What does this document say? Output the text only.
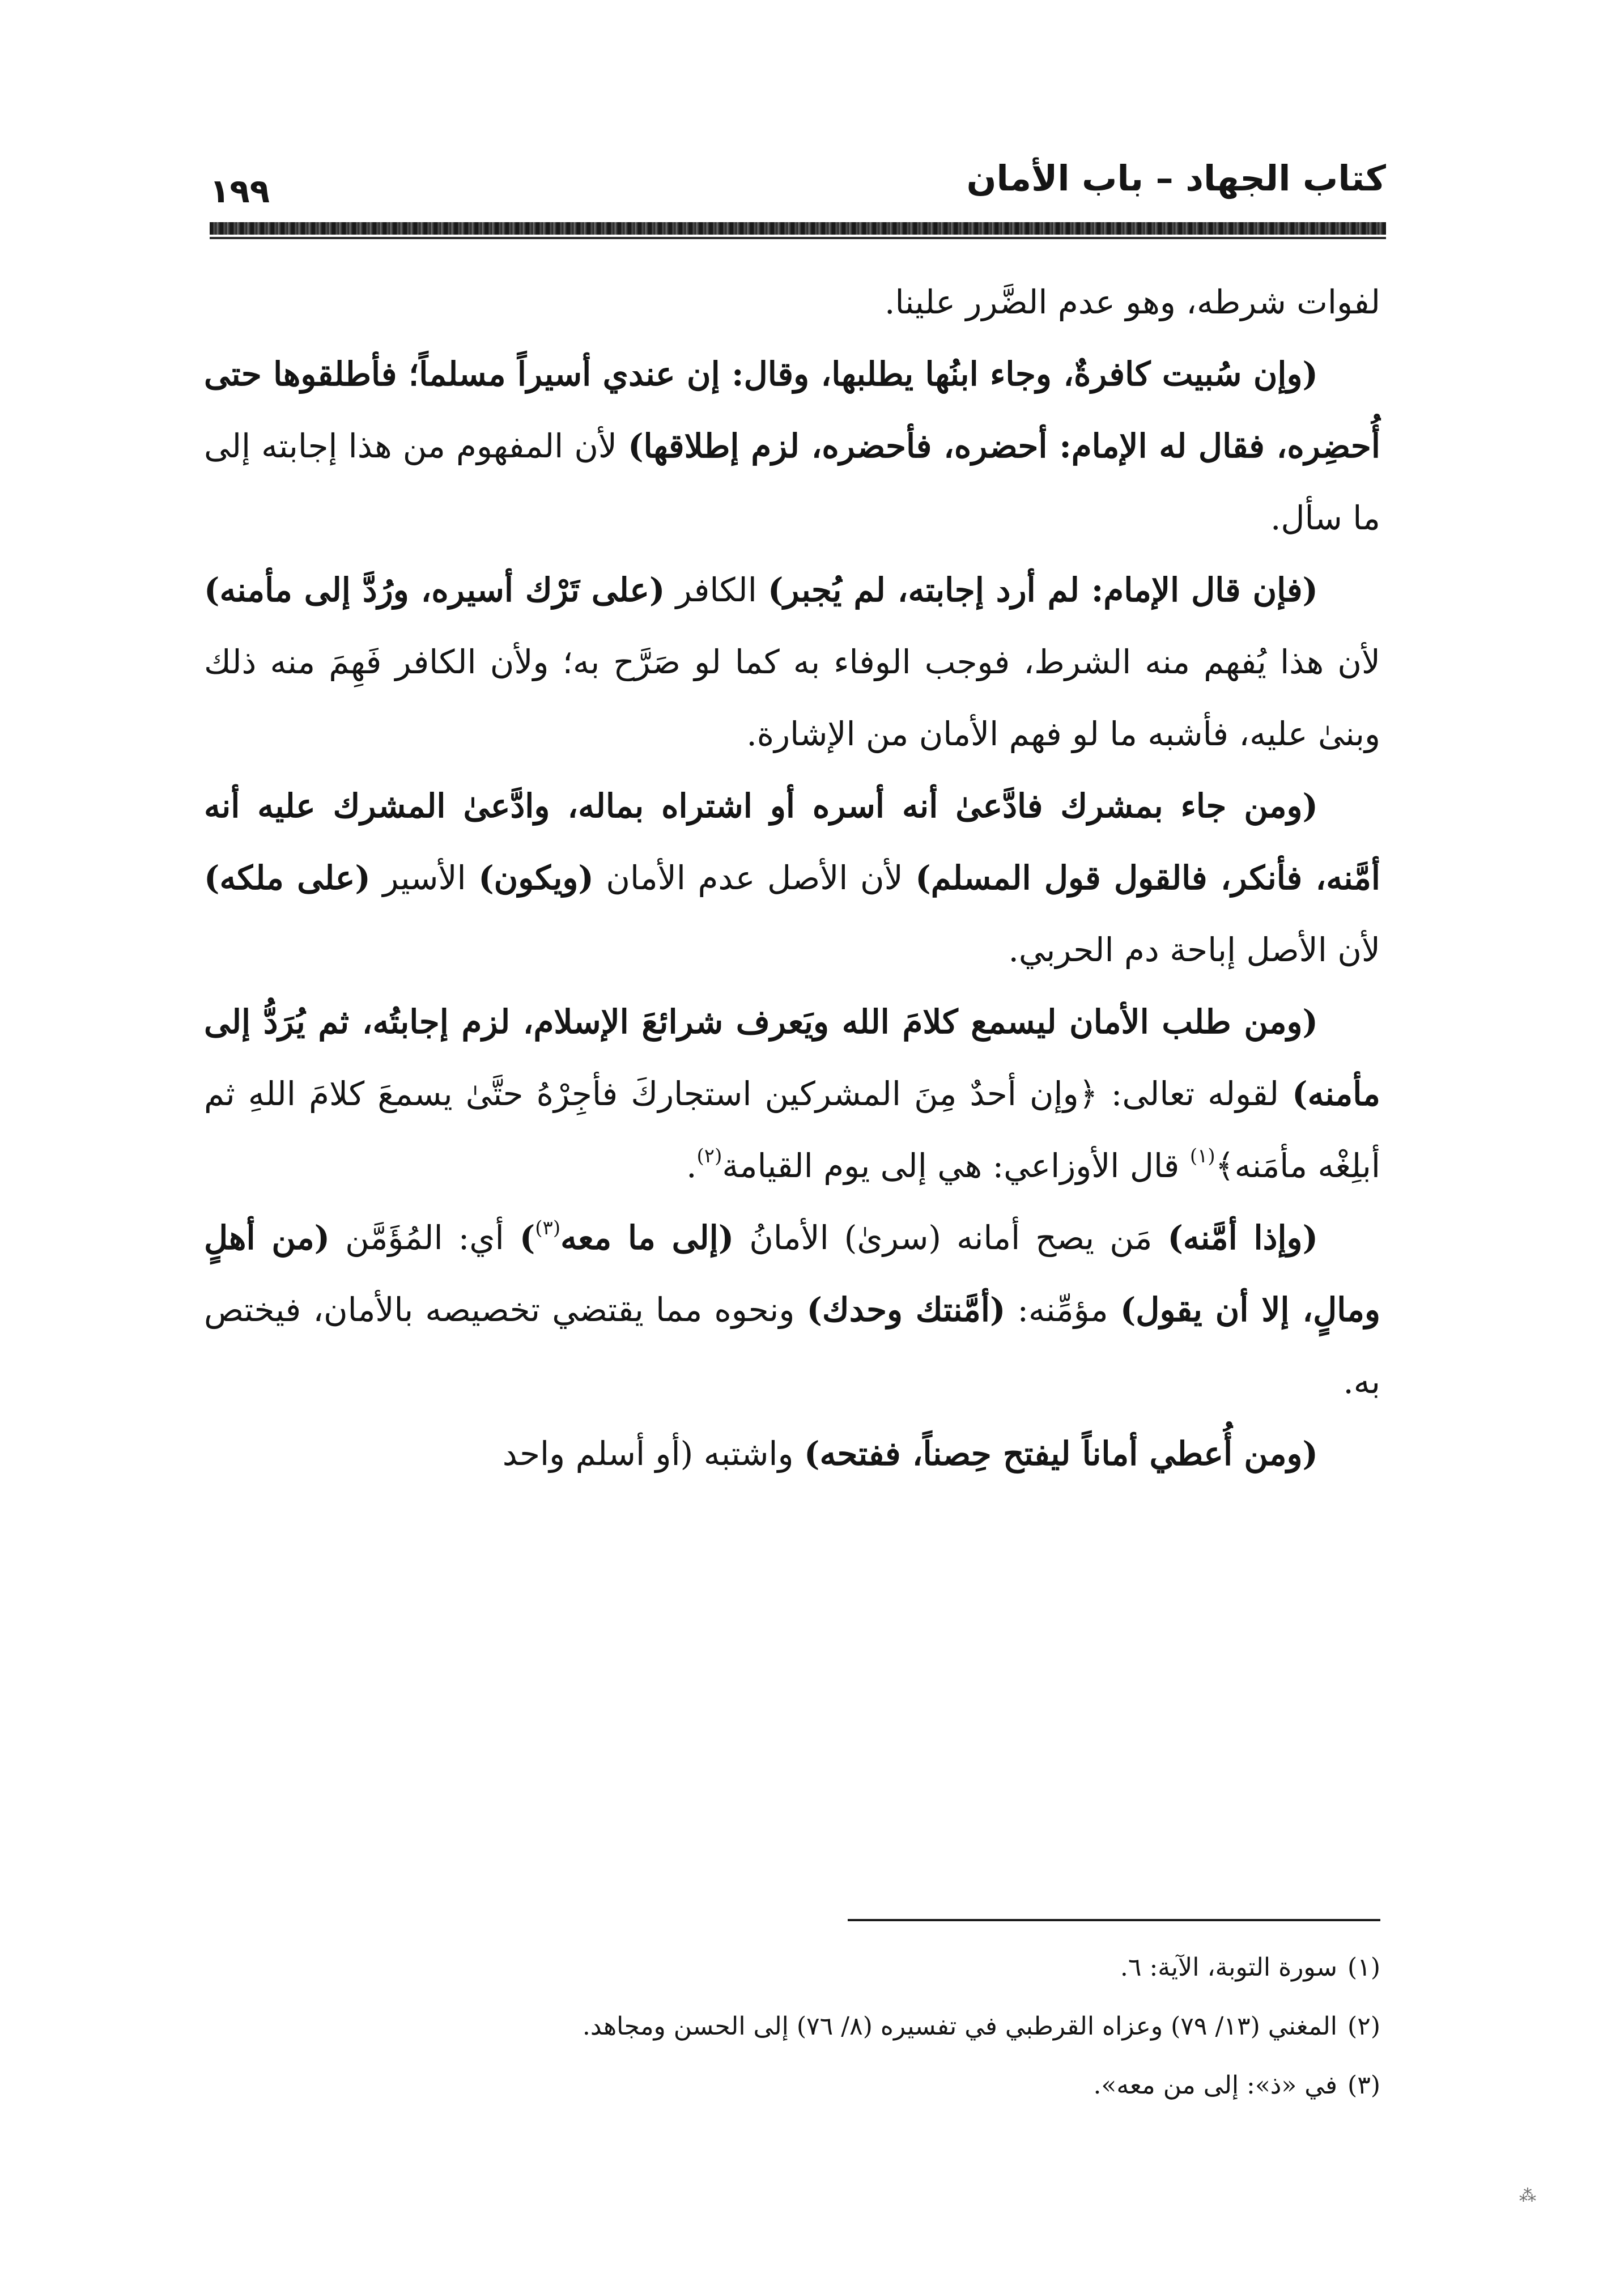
كتاب الجهاد – باب الأمان
١٩٩

لفوات شرطه، وهو عدم الضَّرر علينا.

(وإن سُبيت كافرةٌ، وجاء ابنُها يطلبها، وقال: إن عندي أسيراً مسلماً؛ فأطلقوها حتى أُحضِره، فقال له الإمام: أحضره، فأحضره، لزم إطلاقها) لأن المفهوم من هذا إجابته إلى ما سأل.

(فإن قال الإمام: لم أرد إجابته، لم يُجبر) الكافر (على تَرْك أسيره، ورُدَّ إلى مأمنه) لأن هذا يُفهم منه الشرط، فوجب الوفاء به كما لو صَرَّح به؛ ولأن الكافر فَهِمَ منه ذلك وبنىٰ عليه، فأشبه ما لو فهم الأمان من الإشارة.

(ومن جاء بمشرك فادَّعىٰ أنه أسره أو اشتراه بماله، وادَّعىٰ المشرك عليه أنه أمَّنه، فأنكر، فالقول قول المسلم) لأن الأصل عدم الأمان (ويكون) الأسير (على ملكه) لأن الأصل إباحة دم الحربي.

(ومن طلب الأمان ليسمع كلامَ الله ويَعرف شرائعَ الإسلام، لزم إجابتُه، ثم يُرَدُّ إلى مأمنه) لقوله تعالى: ﴿وإن أحدٌ مِنَ المشركين استجاركَ فأجِرْهُ حتَّىٰ يسمعَ كلامَ اللهِ ثم أبلِغْه مأمَنه﴾$^{(١)}$ قال الأوزاعي: هي إلى يوم القيامة$^{(٢)}$.

(وإذا أمَّنه) مَن يصح أمانه (سرىٰ) الأمانُ (إلى ما معه$^{(٣)}$) أي: المُؤَمَّن (من أهلٍ ومالٍ، إلا أن يقول) مؤمِّنه: (أمَّنتك وحدك) ونحوه مما يقتضي تخصيصه بالأمان، فيختص به.

(ومن أُعطي أماناً ليفتح حِصناً، ففتحه) واشتبه (أو أسلم واحد

(١)سورة التوبة، الآية: ٦.

(٢)المغني (١٣/ ٧٩) وعزاه القرطبي في تفسيره (٨/ ٧٦) إلى الحسن ومجاهد.

(٣)في «ذ»: إلى من معه».

⁂
